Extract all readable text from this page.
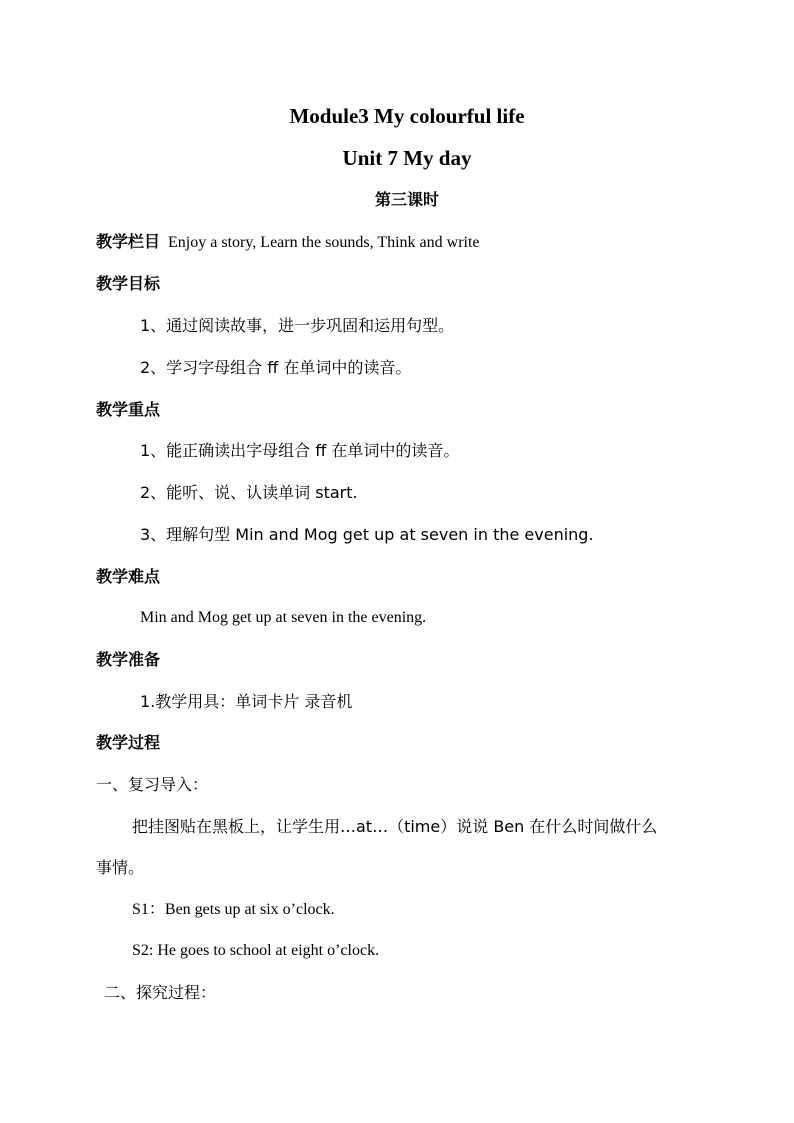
Module3 My colourful life
Unit 7 My day
第三课时
教学栏目 Enjoy a story, Learn the sounds, Think and write
教学目标
1、通过阅读故事，进一步巩固和运用句型。
2、学习字母组合 ff 在单词中的读音。
教学重点
1、能正确读出字母组合 ff 在单词中的读音。
2、能听、说、认读单词 start.
3、理解句型 Min and Mog get up at seven in the evening.
教学难点
Min and Mog get up at seven in the evening.
教学准备
1.教学用具：单词卡片 录音机
教学过程
一、复习导入：
把挂图贴在黑板上，让学生用…at…（time）说说 Ben 在什么时间做什么
事情。
S1：Ben gets up at six o’clock.
S2: He goes to school at eight o’clock.
二、探究过程：
